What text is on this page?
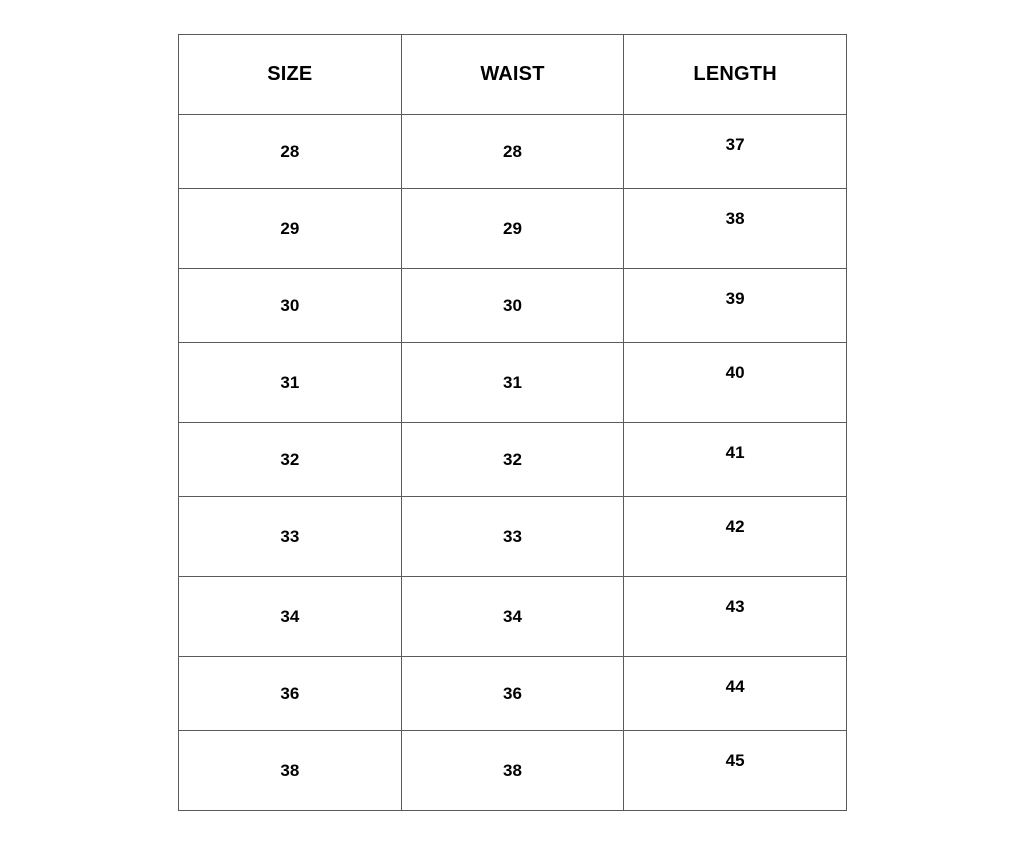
SIZE	WAIST	LENGTH
28	28	37
29	29	38
30	30	39
31	31	40
32	32	41
33	33	42
34	34	43
36	36	44
38	38	45
